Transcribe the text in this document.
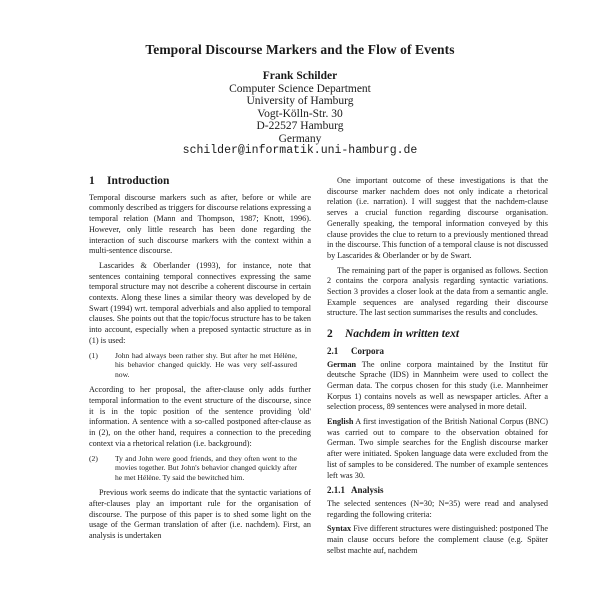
Temporal Discourse Markers and the Flow of Events
Frank Schilder
Computer Science Department
University of Hamburg
Vogt-Kölln-Str. 30
D-22527 Hamburg
Germany
schilder@informatik.uni-hamburg.de
1 Introduction

Temporal discourse markers such as after, before or while are commonly described as triggers for discourse relations expressing a temporal relation (Mann and Thompson, 1987; Knott, 1996). However, only little research has been done regarding the interaction of such discourse markers with the context within a multi-sentence discourse.

Lascarides & Oberlander (1993), for instance, note that sentences containing temporal connectives expressing the same temporal structure may not describe a coherent discourse in certain contexts. Along these lines a similar theory was developed by de Swart (1994) wrt. temporal adverbials and also applied to temporal clauses. She points out that the topic/focus structure has to be taken into account, especially when a preposed syntactic structure as in (1) is used:

(1)	John had always been rather shy. But after he met Hélène, his behavior changed quickly. He was very self-assured now.

According to her proposal, the after-clause only adds further temporal information to the event structure of the discourse, since it is in the topic position of the sentence providing 'old' information. A sentence with a so-called postponed after-clause as in (2), on the other hand, requires a connection to the preceding context via a rhetorical relation (i.e. background):

(2)	Ty and John were good friends, and they often went to the movies together. But John's behavior changed quickly after he met Hélène. Ty said the bewitched him.

Previous work seems do indicate that the syntactic variations of after-clauses play an important rule for the organisation of discourse. The purpose of this paper is to shed some light on the usage of the German translation of after (i.e. nachdem). First, an analysis is undertaken

One important outcome of these investigations is that the discourse marker nachdem does not only indicate a rhetorical relation (i.e. narration). I will suggest that the nachdem-clause serves a crucial function regarding discourse organisation. Generally speaking, the temporal information conveyed by this clause provides the clue to return to a previously mentioned thread in the discourse. This function of a temporal clause is not discussed by Lascarides & Oberlander or by de Swart.

The remaining part of the paper is organised as follows. Section 2 contains the corpora analysis regarding syntactic variations. Section 3 provides a closer look at the data from a semantic angle. Example sequences are analysed regarding their discourse structure. The last section summarises the results and concludes.

2 Nachdem in written text
2.1 Corpora

German The online corpora maintained by the Institut für deutsche Sprache (IDS) in Mannheim were used to collect the German data. The corpus chosen for this study (i.e. Mannheimer Korpus 1) contains novels as well as newspaper articles. After a selection process, 89 sentences were analysed in more detail.

English A first investigation of the British National Corpus (BNC) was carried out to compare to the observation obtained for German. Two simple searches for the English discourse marker after were initiated. Spoken language data were excluded from the list of samples to be considered. The number of example sentences left was 30.

2.1.1 Analysis

The selected sentences (N=30; N=35) were read and analysed regarding the following criteria:

Syntax Five different structures were distinguished: postponed The main clause occurs before the complement clause (e.g. Später selbst machte auf, nachdem
